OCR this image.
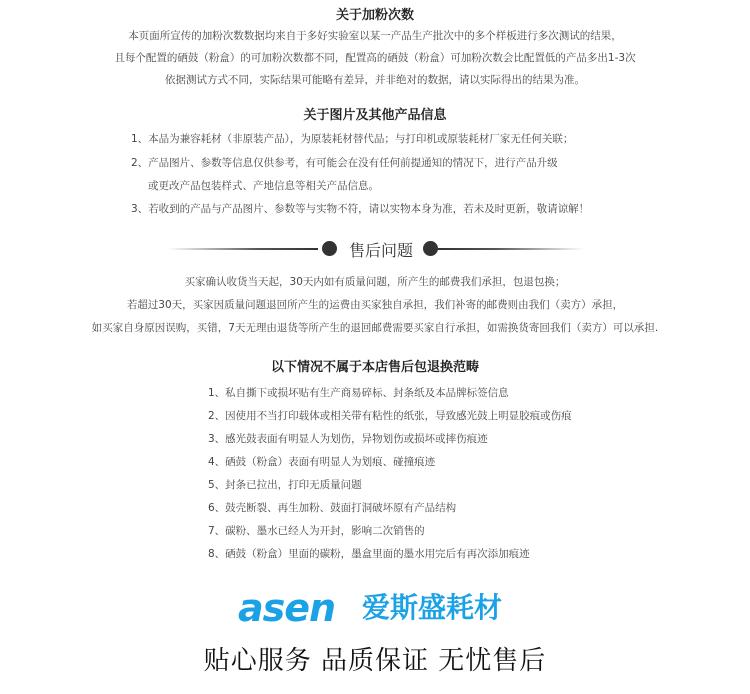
关于加粉次数
本页面所宣传的加粉次数数据均来自于多好实验室以某一产品生产批次中的多个样板进行多次测试的结果，
且每个配置的硒鼓（粉盒）的可加粉次数都不同，配置高的硒鼓（粉盒）可加粉次数会比配置低的产品多出1-3次
依据测试方式不同，实际结果可能略有差异，并非绝对的数据，请以实际得出的结果为准。
关于图片及其他产品信息
1、本品为兼容耗材（非原装产品），为原装耗材替代品；与打印机或原装耗材厂家无任何关联；
2、产品图片、参数等信息仅供参考，有可能会在没有任何前提通知的情况下，进行产品升级
或更改产品包装样式、产地信息等相关产品信息。
3、若收到的产品与产品图片、参数等与实物不符，请以实物本身为准，若未及时更新，敬请谅解！
售后问题
买家确认收货当天起，30天内如有质量问题，所产生的邮费我们承担，包退包换；
若超过30天，买家因质量问题退回所产生的运费由买家独自承担，我们补寄的邮费则由我们（卖方）承担，
如买家自身原因误购，买错，7天无理由退货等所产生的退回邮费需要买家自行承担，如需换货寄回我们（卖方）可以承担.
以下情况不属于本店售后包退换范畴
1、私自撕下或损坏贴有生产商易碎标、封条纸及本品牌标签信息
2、因使用不当打印载体或相关带有粘性的纸张，导致感光鼓上明显胶痕或伤痕
3、感光鼓表面有明显人为划伤，异物划伤或损坏或摔伤痕迹
4、硒鼓（粉盒）表面有明显人为划痕、碰撞痕迹
5、封条已拉出，打印无质量问题
6、鼓壳断裂、再生加粉、鼓面打洞破坏原有产品结构
7、碳粉、墨水已经人为开封，影响二次销售的
8、硒鼓（粉盒）里面的碳粉，墨盒里面的墨水用完后有再次添加痕迹
asen 爱斯盛耗材
贴心服务 品质保证 无忧售后
